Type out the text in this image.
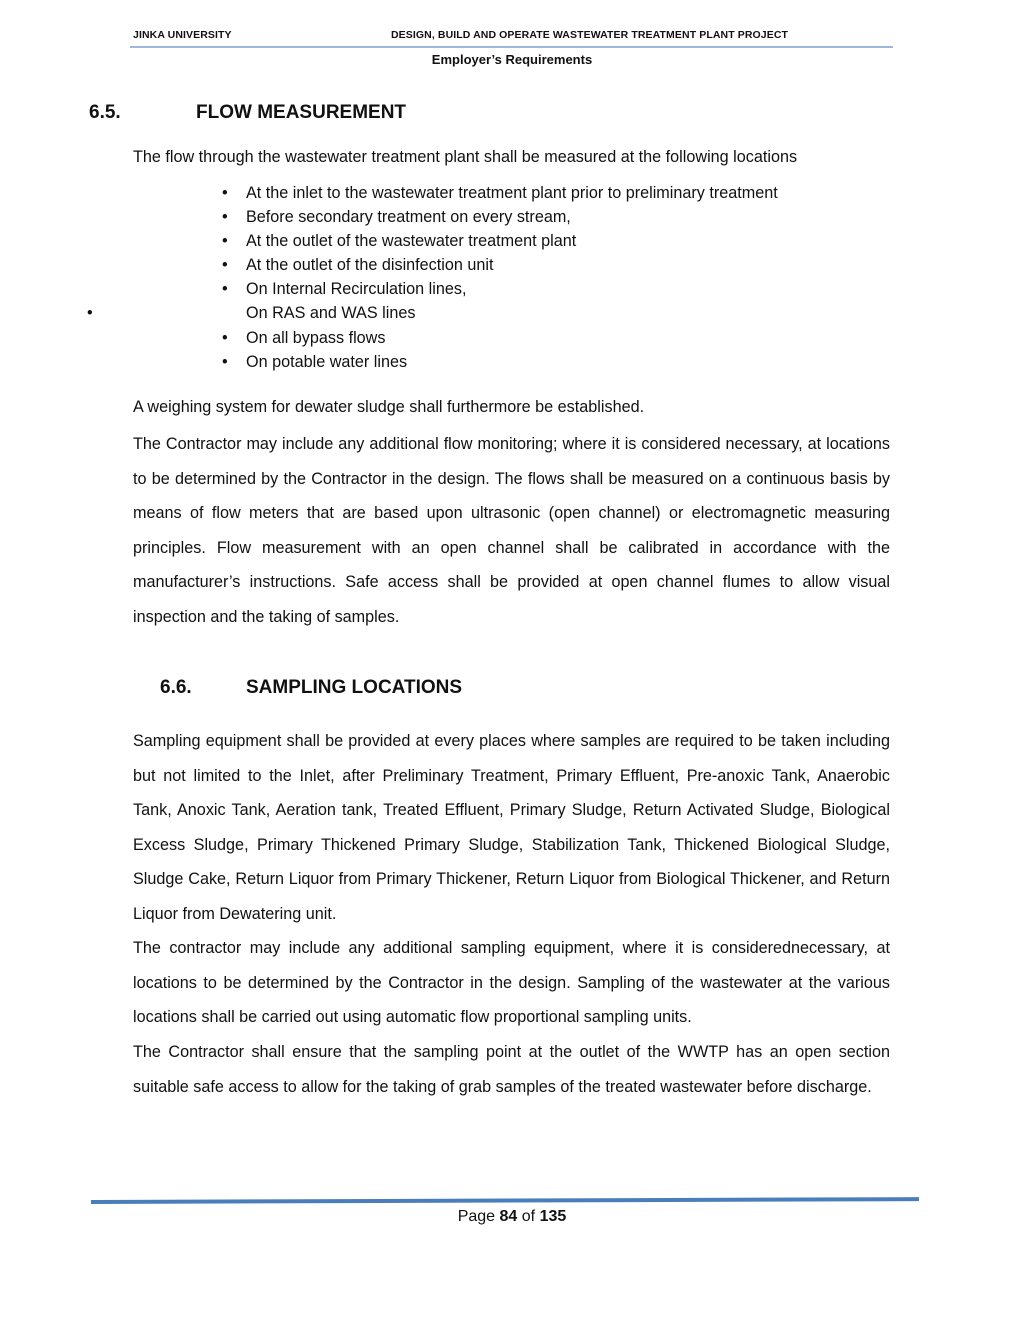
JINKA UNIVERSITY	DESIGN, BUILD AND OPERATE WASTEWATER TREATMENT PLANT PROJECT
Employer’s Requirements
6.5.	FLOW MEASUREMENT

The flow through the wastewater treatment plant shall be measured at the following locations

•
•	At the inlet to the wastewater treatment plant prior to preliminary treatment
•	Before secondary treatment on every stream,
•	At the outlet of the wastewater treatment plant
•	At the outlet of the disinfection unit
•	On Internal Recirculation lines,
On RAS and WAS lines
•	On all bypass flows
•	On potable water lines

A weighing system for dewater sludge shall furthermore be established.

The Contractor may include any additional flow monitoring; where it is considered necessary, at locations to be determined by the Contractor in the design. The flows shall be measured on a continuous basis by means of flow meters that are based upon ultrasonic (open channel) or electromagnetic measuring principles. Flow measurement with an open channel shall be calibrated in accordance with the manufacturer’s instructions. Safe access shall be provided at open channel flumes to allow visual inspection and the taking of samples.

6.6.	SAMPLING LOCATIONS

Sampling equipment shall be provided at every places where samples are required to be taken including but not limited to the Inlet, after Preliminary Treatment, Primary Effluent, Pre-anoxic Tank, Anaerobic Tank, Anoxic Tank, Aeration tank, Treated Effluent, Primary Sludge, Return Activated Sludge, Biological Excess Sludge, Primary Thickened Primary Sludge, Stabilization Tank, Thickened Biological Sludge, Sludge Cake, Return Liquor from Primary Thickener, Return Liquor from Biological Thickener, and Return Liquor from Dewatering unit.

The contractor may include any additional sampling equipment, where it is considerednecessary, at locations to be determined by the Contractor in the design. Sampling of the wastewater at the various locations shall be carried out using automatic flow proportional sampling units.

The Contractor shall ensure that the sampling point at the outlet of the WWTP has an open section suitable safe access to allow for the taking of grab samples of the treated wastewater before discharge.

Page 84 of 135
